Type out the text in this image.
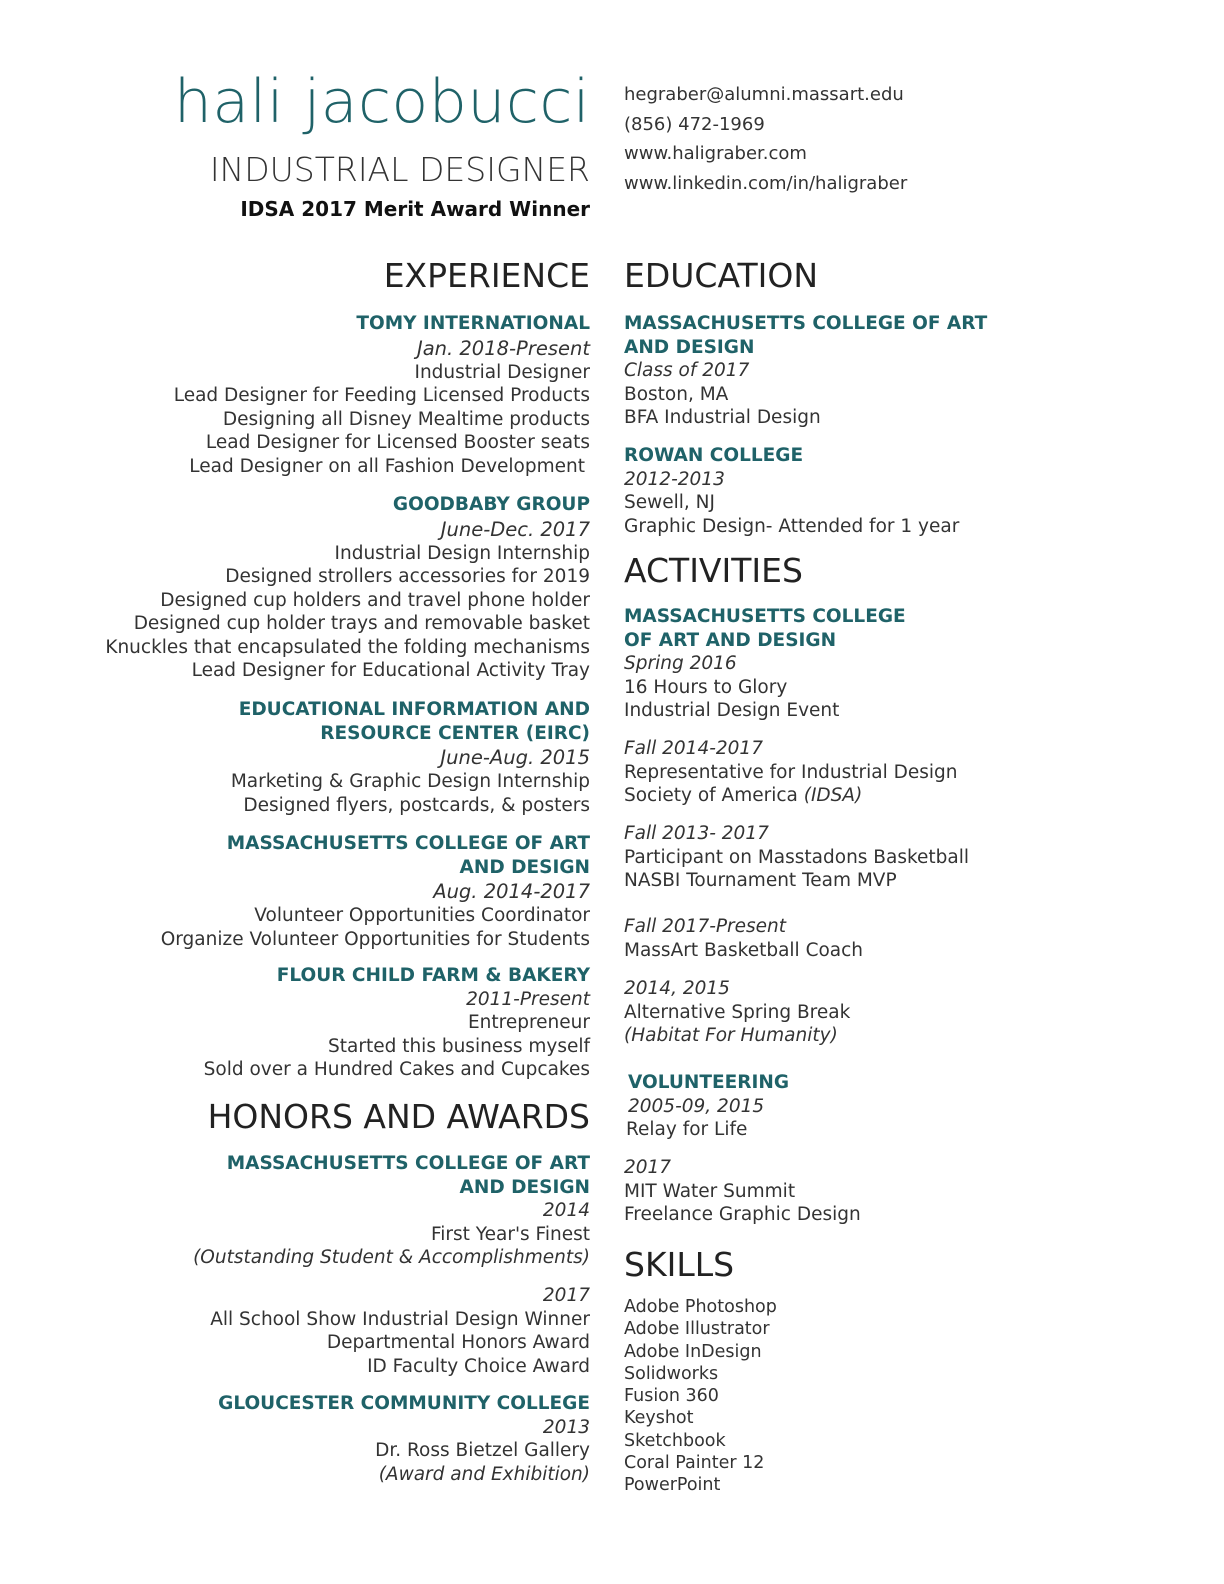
hali jacobucci
INDUSTRIAL DESIGNER
IDSA 2017 Merit Award Winner
hegraber@alumni.massart.edu
(856) 472-1969
www.haligraber.com
www.linkedin.com/in/haligraber
EXPERIENCE
TOMY INTERNATIONAL
Jan. 2018-Present
Industrial Designer
Lead Designer for Feeding Licensed Products
Designing all Disney Mealtime products
Lead Designer for Licensed Booster seats
Lead Designer on all Fashion Development
GOODBABY GROUP
June-Dec. 2017
Industrial Design Internship
Designed strollers accessories for 2019
Designed cup holders and travel phone holder
Designed cup holder trays and removable basket
Knuckles that encapsulated the folding mechanisms
Lead Designer for Educational Activity Tray
EDUCATIONAL INFORMATION AND
RESOURCE CENTER (EIRC)
June-Aug. 2015
Marketing & Graphic Design Internship
Designed flyers, postcards, & posters
MASSACHUSETTS COLLEGE OF ART
AND DESIGN
Aug. 2014-2017
Volunteer Opportunities Coordinator
Organize Volunteer Opportunities for Students
FLOUR CHILD FARM & BAKERY
2011-Present
Entrepreneur
Started this business myself
Sold over a Hundred Cakes and Cupcakes
HONORS AND AWARDS
MASSACHUSETTS COLLEGE OF ART
AND DESIGN
2014
First Year's Finest
(Outstanding Student & Accomplishments)
2017
All School Show Industrial Design Winner
Departmental Honors Award
ID Faculty Choice Award
GLOUCESTER COMMUNITY COLLEGE
2013
Dr. Ross Bietzel Gallery
(Award and Exhibition)
EDUCATION
MASSACHUSETTS COLLEGE OF ART
AND DESIGN
Class of 2017
Boston, MA
BFA Industrial Design
ROWAN COLLEGE
2012-2013
Sewell, NJ
Graphic Design- Attended for 1 year
ACTIVITIES
MASSACHUSETTS COLLEGE
OF ART AND DESIGN
Spring 2016
16 Hours to Glory
Industrial Design Event
Fall 2014-2017
Representative for Industrial Design
Society of America (IDSA)
Fall 2013- 2017
Participant on Masstadons Basketball
NASBI Tournament Team MVP
Fall 2017-Present
MassArt Basketball Coach
2014, 2015
Alternative Spring Break
(Habitat For Humanity)
VOLUNTEERING
2005-09, 2015
Relay for Life
2017
MIT Water Summit
Freelance Graphic Design
SKILLS
Adobe Photoshop
Adobe Illustrator
Adobe InDesign
Solidworks
Fusion 360
Keyshot
Sketchbook
Coral Painter 12
PowerPoint
